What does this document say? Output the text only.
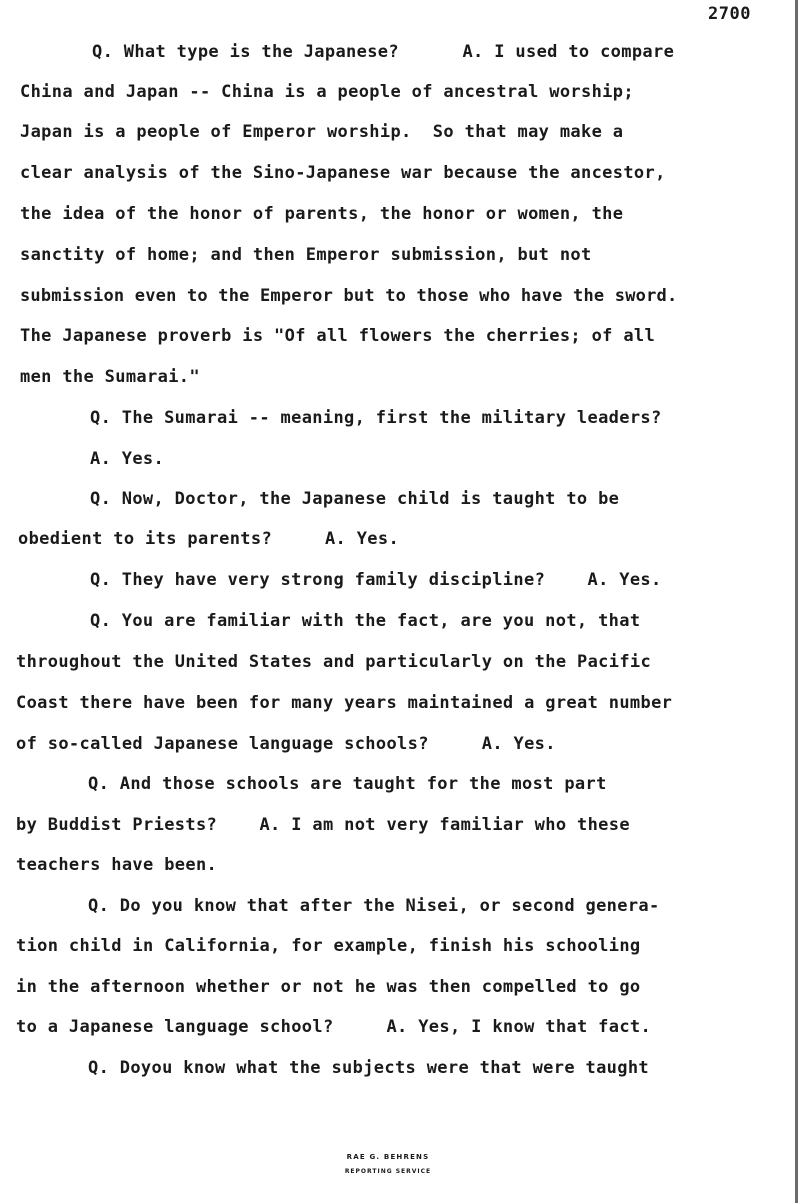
2700
Q. What type is the Japanese?      A. I used to compare
China and Japan -- China is a people of ancestral worship;
Japan is a people of Emperor worship.  So that may make a
clear analysis of the Sino-Japanese war because the ancestor,
the idea of the honor of parents, the honor or women, the
sanctity of home; and then Emperor submission, but not
submission even to the Emperor but to those who have the sword.
The Japanese proverb is "Of all flowers the cherries; of all
men the Sumarai."
Q. The Sumarai -- meaning, first the military leaders?
A. Yes.
Q. Now, Doctor, the Japanese child is taught to be
obedient to its parents?     A. Yes.
Q. They have very strong family discipline?    A. Yes.
Q. You are familiar with the fact, are you not, that
throughout the United States and particularly on the Pacific
Coast there have been for many years maintained a great number
of so-called Japanese language schools?     A. Yes.
Q. And those schools are taught for the most part
by Buddist Priests?    A. I am not very familiar who these
teachers have been.
Q. Do you know that after the Nisei, or second genera-
tion child in California, for example, finish his schooling
in the afternoon whether or not he was then compelled to go
to a Japanese language school?     A. Yes, I know that fact.
Q. Doyou know what the subjects were that were taught
RAE G. BEHRENS
REPORTING SERVICE
